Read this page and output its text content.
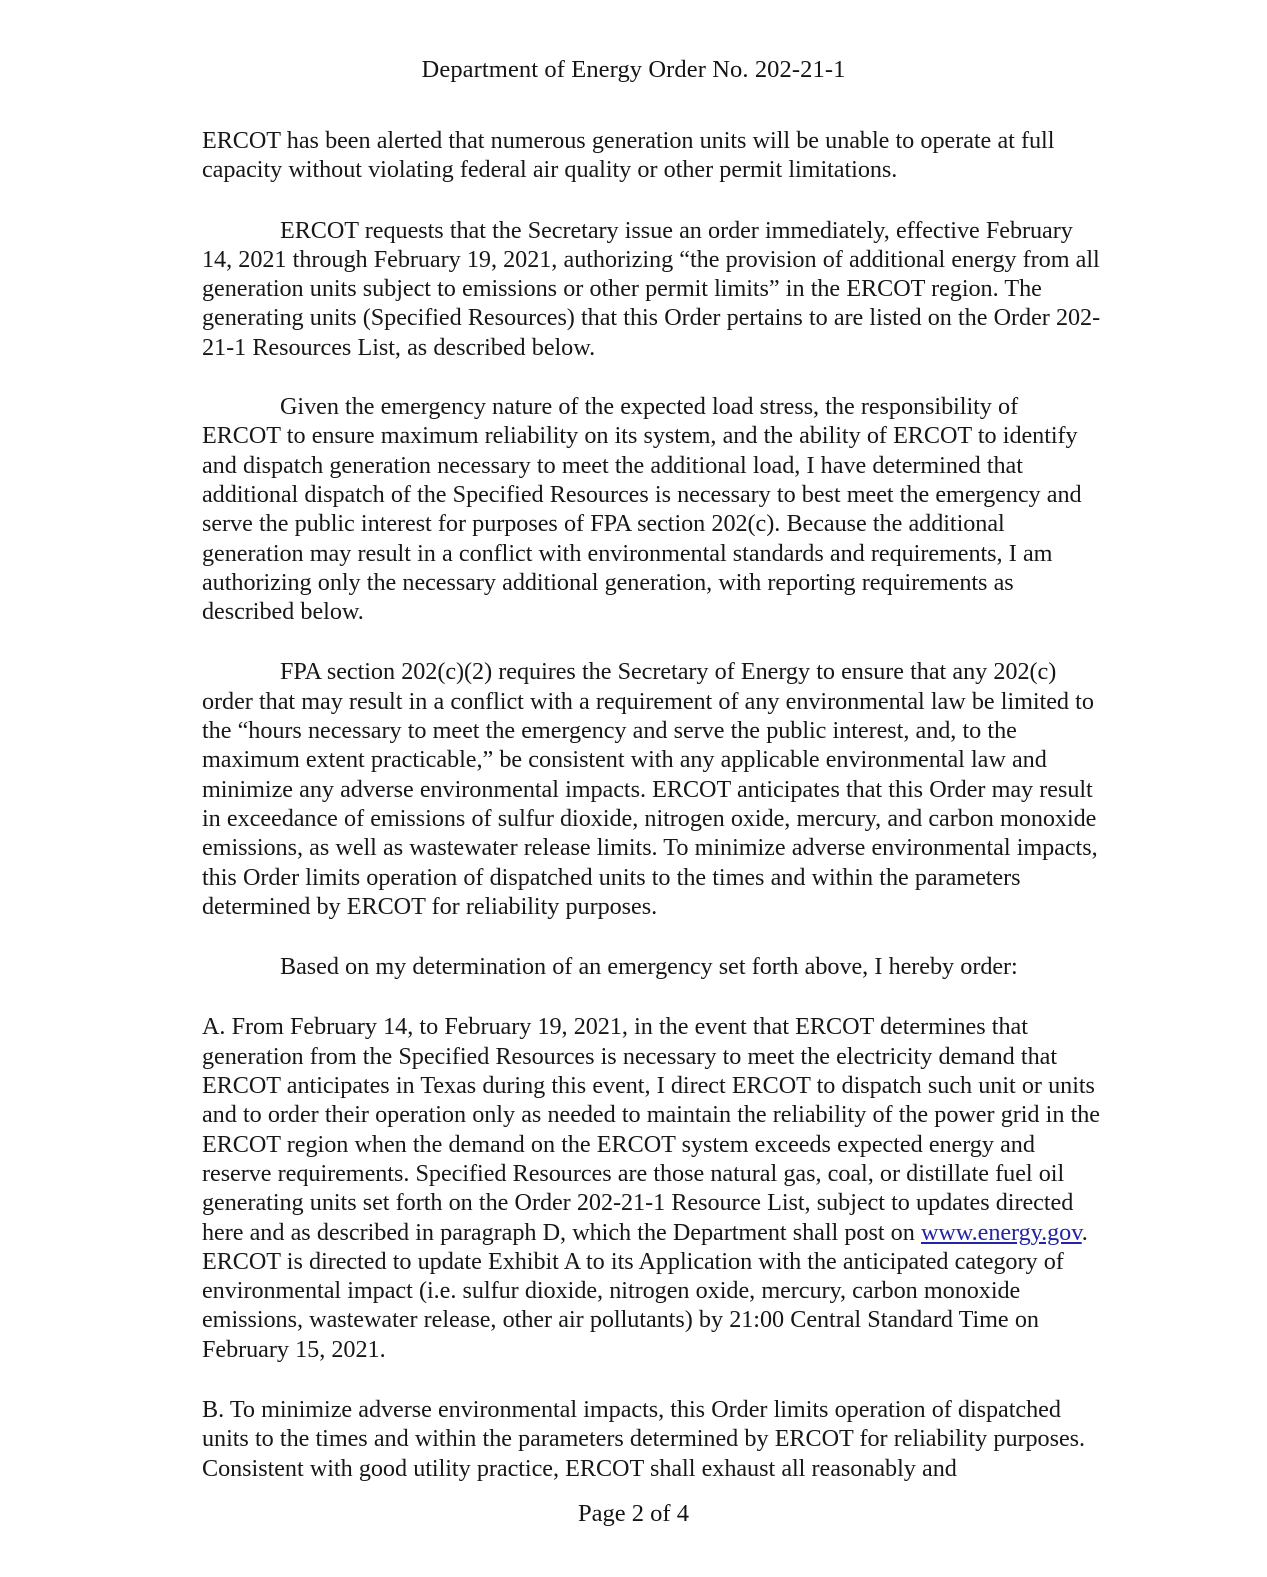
Department of Energy Order No. 202-21-1

ERCOT has been alerted that numerous generation units will be unable to operate at full capacity without violating federal air quality or other permit limitations.

ERCOT requests that the Secretary issue an order immediately, effective February 14, 2021 through February 19, 2021, authorizing “the provision of additional energy from all generation units subject to emissions or other permit limits” in the ERCOT region. The generating units (Specified Resources) that this Order pertains to are listed on the Order 202-21-1 Resources List, as described below.

Given the emergency nature of the expected load stress, the responsibility of ERCOT to ensure maximum reliability on its system, and the ability of ERCOT to identify and dispatch generation necessary to meet the additional load, I have determined that additional dispatch of the Specified Resources is necessary to best meet the emergency and serve the public interest for purposes of FPA section 202(c). Because the additional generation may result in a conflict with environmental standards and requirements, I am authorizing only the necessary additional generation, with reporting requirements as described below.

FPA section 202(c)(2) requires the Secretary of Energy to ensure that any 202(c) order that may result in a conflict with a requirement of any environmental law be limited to the “hours necessary to meet the emergency and serve the public interest, and, to the maximum extent practicable,” be consistent with any applicable environmental law and minimize any adverse environmental impacts. ERCOT anticipates that this Order may result in exceedance of emissions of sulfur dioxide, nitrogen oxide, mercury, and carbon monoxide emissions, as well as wastewater release limits. To minimize adverse environmental impacts, this Order limits operation of dispatched units to the times and within the parameters determined by ERCOT for reliability purposes.

Based on my determination of an emergency set forth above, I hereby order:

A. From February 14, to February 19, 2021, in the event that ERCOT determines that generation from the Specified Resources is necessary to meet the electricity demand that ERCOT anticipates in Texas during this event, I direct ERCOT to dispatch such unit or units and to order their operation only as needed to maintain the reliability of the power grid in the ERCOT region when the demand on the ERCOT system exceeds expected energy and reserve requirements. Specified Resources are those natural gas, coal, or distillate fuel oil generating units set forth on the Order 202-21-1 Resource List, subject to updates directed here and as described in paragraph D, which the Department shall post on www.energy.gov. ERCOT is directed to update Exhibit A to its Application with the anticipated category of environmental impact (i.e. sulfur dioxide, nitrogen oxide, mercury, carbon monoxide emissions, wastewater release, other air pollutants) by 21:00 Central Standard Time on February 15, 2021.

B. To minimize adverse environmental impacts, this Order limits operation of dispatched units to the times and within the parameters determined by ERCOT for reliability purposes. Consistent with good utility practice, ERCOT shall exhaust all reasonably and

Page 2 of 4
